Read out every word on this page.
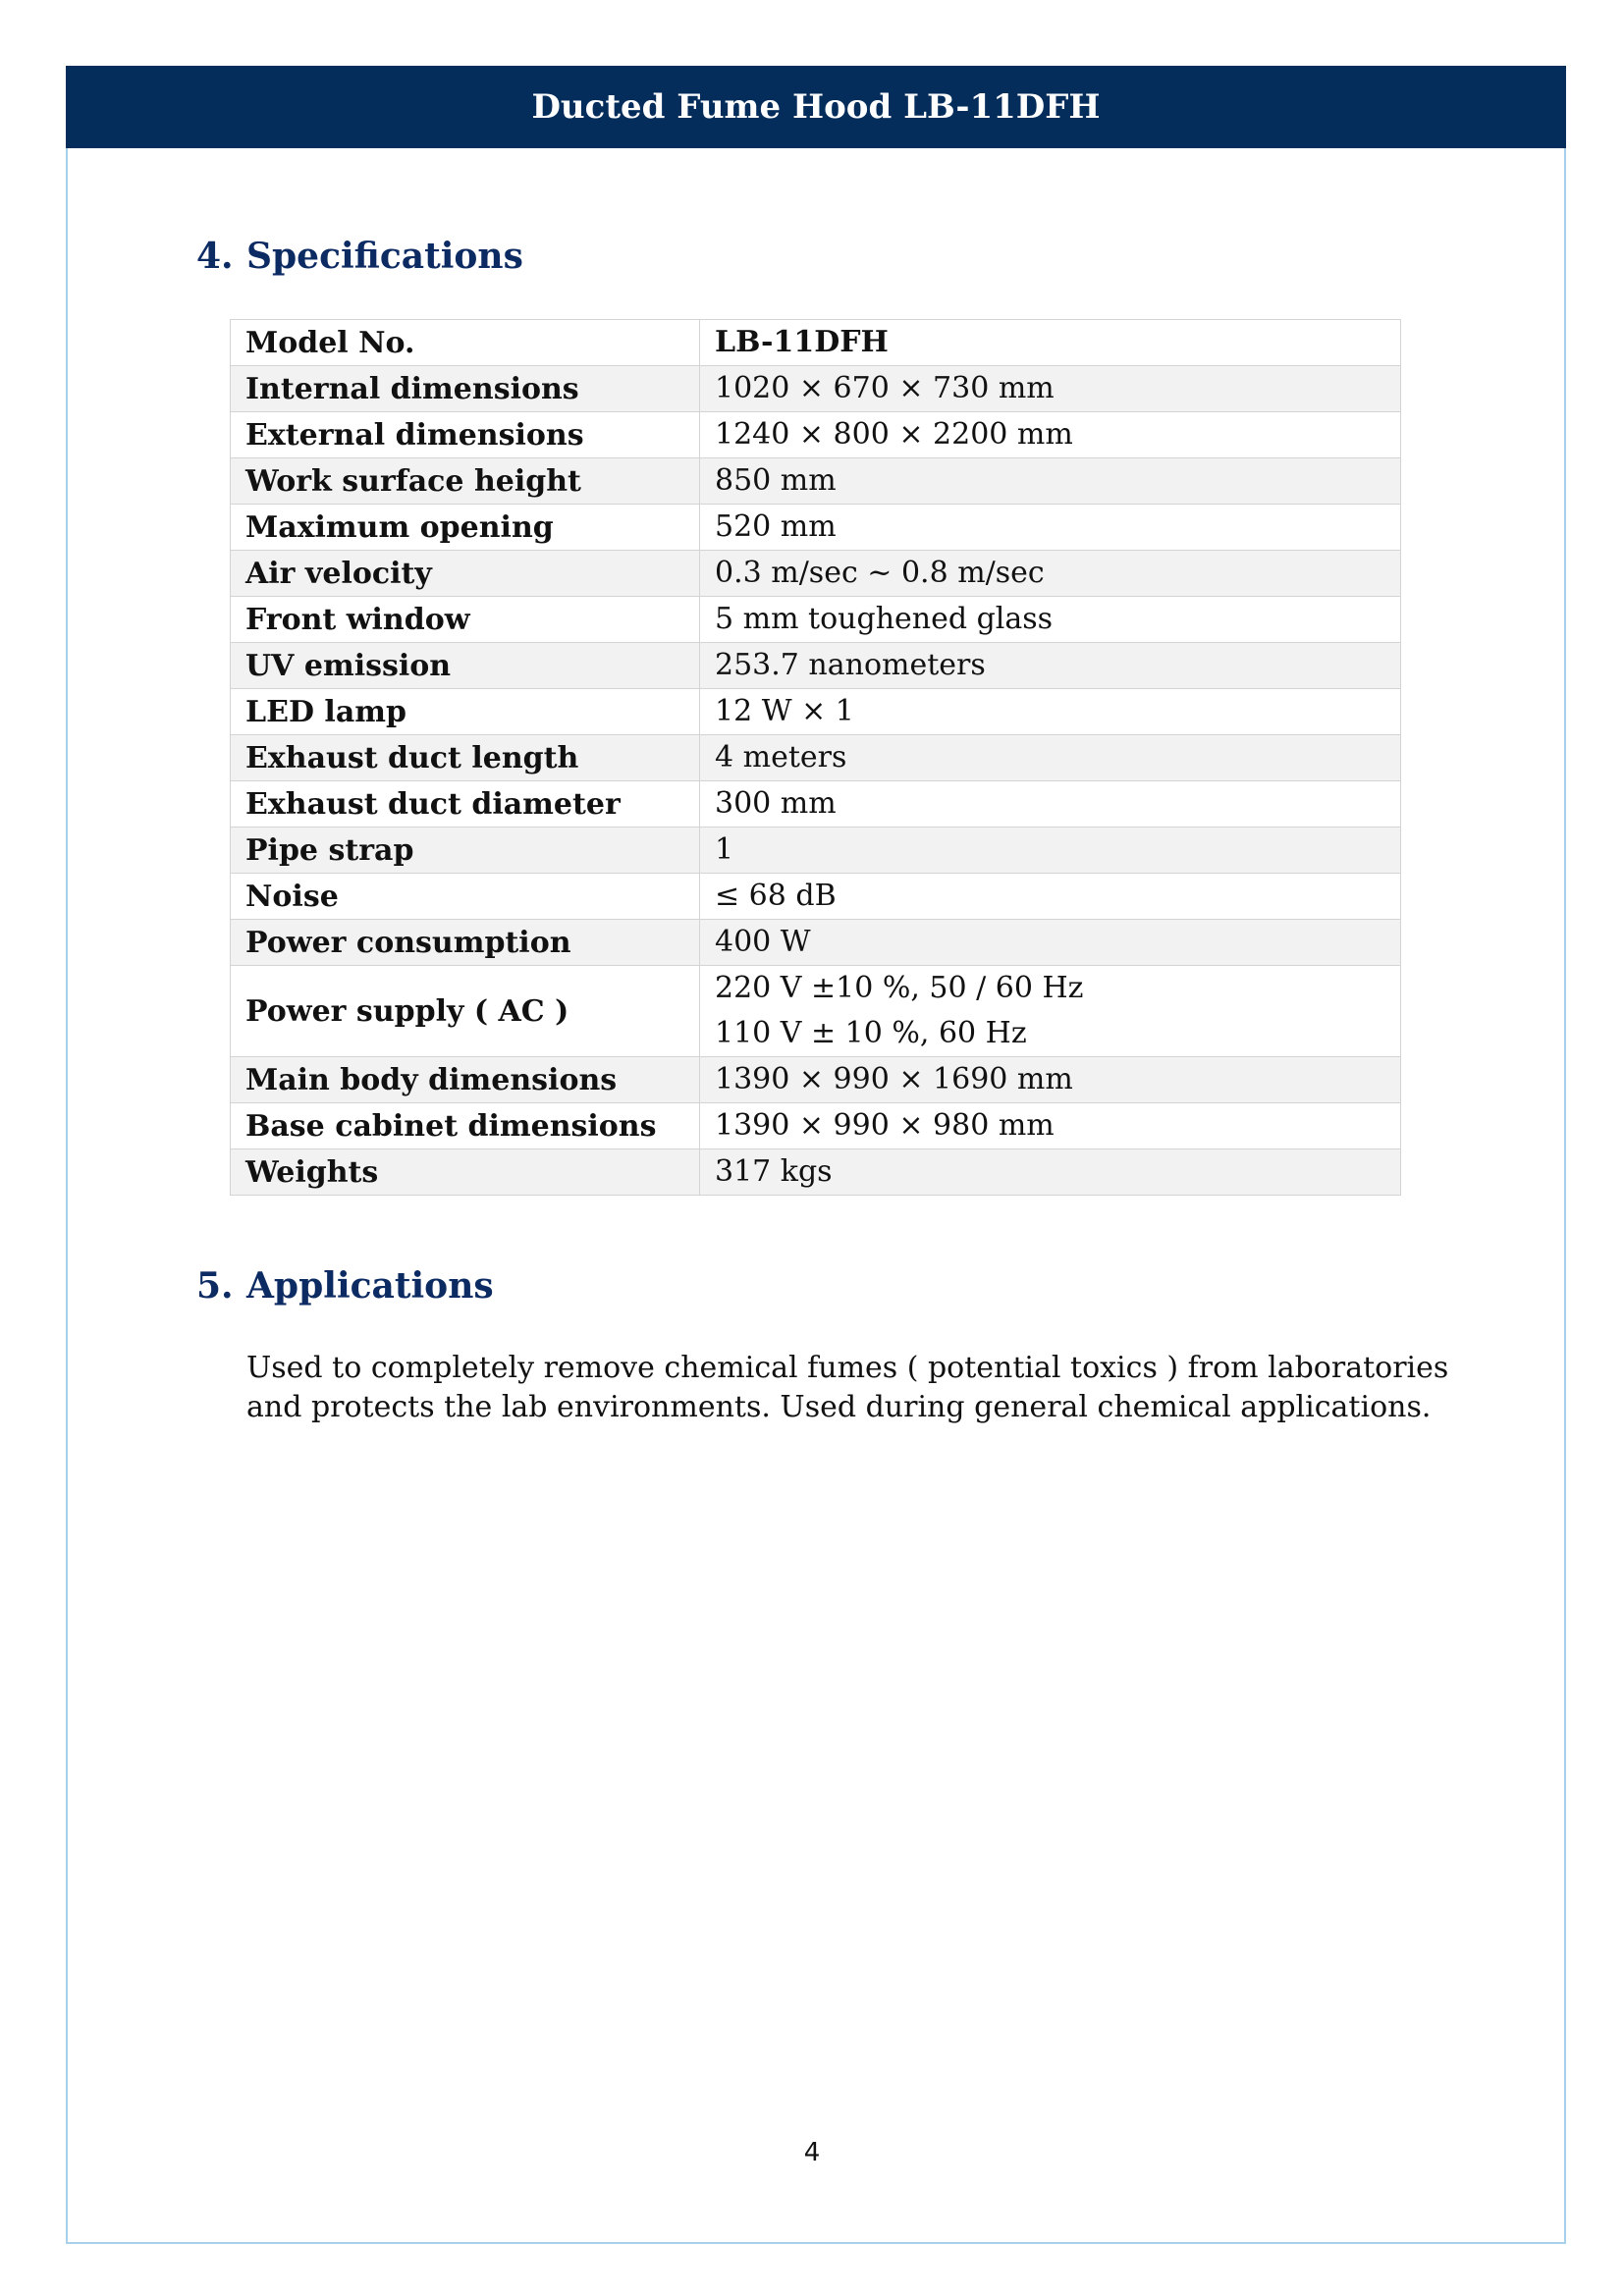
Ducted Fume Hood LB-11DFH
4. Specifications
Model No.	LB-11DFH

Internal dimensions	1020 × 670 × 730 mm

External dimensions	1240 × 800 × 2200 mm

Work surface height	850 mm

Maximum opening	520 mm

Air velocity	0.3 m/sec ~ 0.8 m/sec

Front window	5 mm toughened glass

UV emission	253.7 nanometers

LED lamp	12 W × 1

Exhaust duct length	4 meters

Exhaust duct diameter	300 mm

Pipe strap	1

Noise	≤ 68 dB

Power consumption	400 W

Power supply ( AC )	220 V ±10 %, 50 / 60 Hz
110 V ± 10 %, 60 Hz

Main body dimensions	1390 × 990 × 1690 mm

Base cabinet dimensions	1390 × 990 × 980 mm

Weights	317 kgs
5. Applications
Used to completely remove chemical fumes ( potential toxics ) from laboratories and protects the lab environments. Used during general chemical applications.
4
